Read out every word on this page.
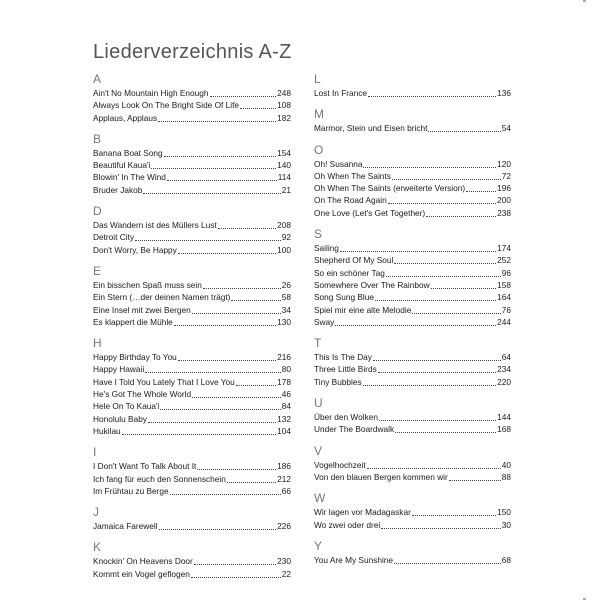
Liederverzeichnis A-Z
A
Ain't No Mountain High Enough	248
Always Look On The Bright Side Of Life	108
Applaus, Applaus	182
B
Banana Boat Song	154
Beautiful Kaua'i	140
Blowin' In The Wind	114
Bruder Jakob	21
D
Das Wandern ist des Müllers Lust	208
Detroit City	92
Don't Worry, Be Happy	100
E
Ein bisschen Spaß muss sein	26
Ein Stern (…der deinen Namen trägt)	58
Eine Insel mit zwei Bergen	34
Es klappert die Mühle	130
H
Happy Birthday To You	216
Happy Hawaii	80
Have I Told You Lately That I Love You	178
He's Got The Whole World	46
Hele On To Kaua'i	84
Honolulu Baby	132
Hukilau	104
I
I Don't Want To Talk About It	186
Ich fang für euch den Sonnenschein	212
Im Frühtau zu Berge	66
J
Jamaica Farewell	226
K
Knockin' On Heavens Door	230
Kommt ein Vogel geflogen	22
L
Lost In France	136
M
Marmor, Stein und Eisen bricht	54
O
Oh! Susanna	120
Oh When The Saints	72
Oh When The Saints (erweiterte Version)	196
On The Road Again	200
One Love (Let's Get Together)	238
S
Sailing	174
Shepherd Of My Soul	252
So ein schöner Tag	96
Somewhere Over The Rainbow	158
Song Sung Blue	164
Spiel mir eine alte Melodie	76
Sway	244
T
This Is The Day	64
Three Little Birds	234
Tiny Bubbles	220
U
Über den Wolken	144
Under The Boardwalk	168
V
Vogelhochzeit	40
Von den blauen Bergen kommen wir	88
W
Wir lagen vor Madagaskar	150
Wo zwei oder drei	30
Y
You Are My Sunshine	68
